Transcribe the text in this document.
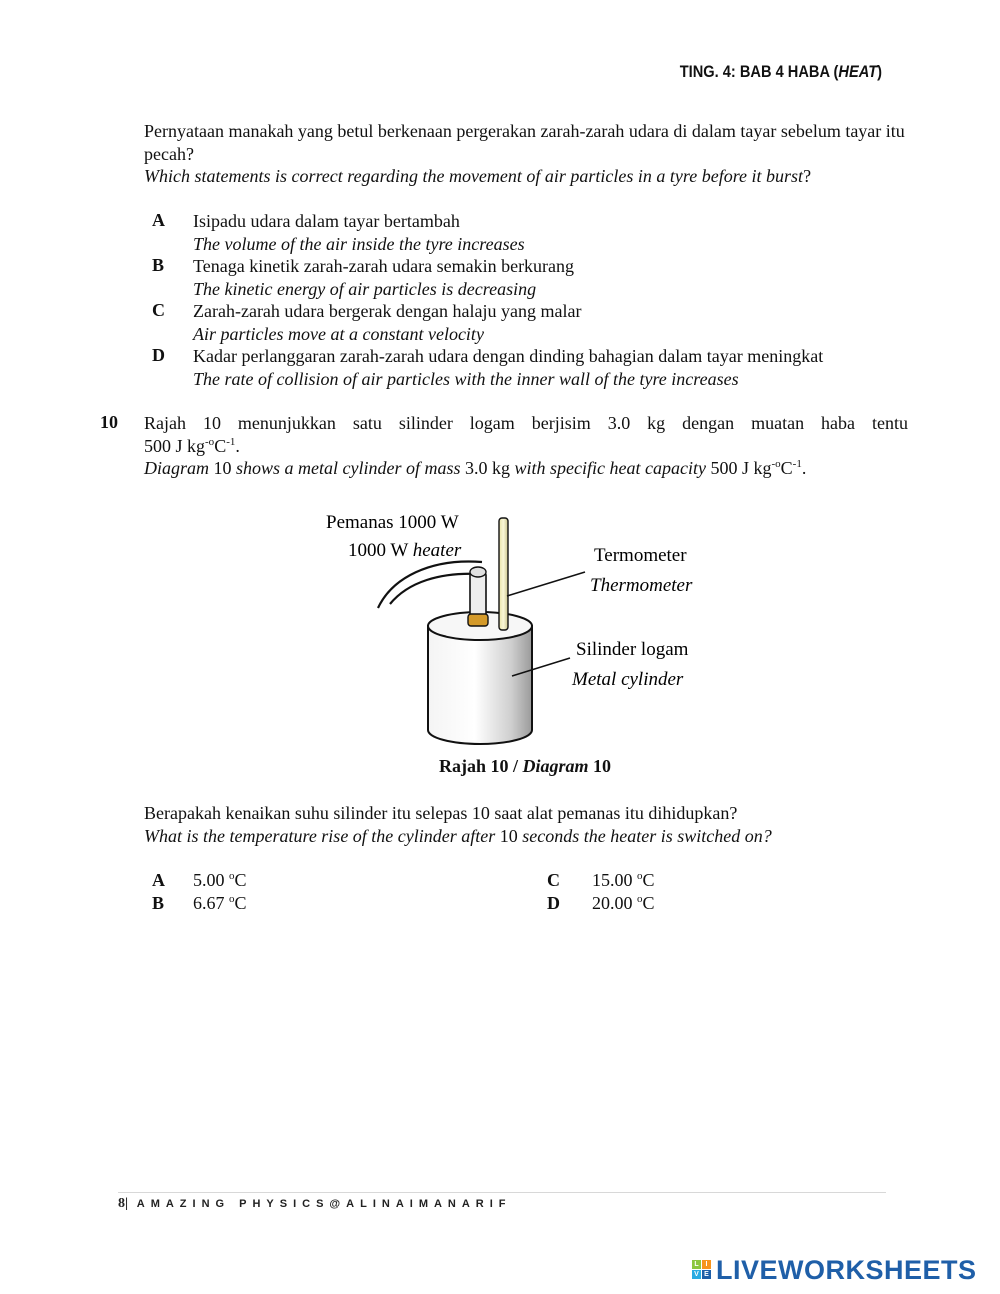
TING. 4: BAB 4 HABA (HEAT)
Pernyataan manakah yang betul berkenaan pergerakan zarah-zarah udara di dalam tayar sebelum tayar itu pecah?
Which statements is correct regarding the movement of air particles in a tyre before it burst?
A Isipadu udara dalam tayar bertambah
The volume of the air inside the tyre increases
B Tenaga kinetik zarah-zarah udara semakin berkurang
The kinetic energy of air particles is decreasing
C Zarah-zarah udara bergerak dengan halaju yang malar
Air particles move at a constant velocity
D Kadar perlanggaran zarah-zarah udara dengan dinding bahagian dalam tayar meningkat
The rate of collision of air particles with the inner wall of the tyre increases
10 Rajah 10 menunjukkan satu silinder logam berjisim 3.0 kg dengan muatan haba tentu
500 J $kg^{-o}C^{-1}$.
Diagram 10 shows a metal cylinder of mass 3.0 kg with specific heat capacity 500 J $kg^{-o}C^{-1}$.
Pemanas 1000 W
1000 W heater	Termometer
Thermometer
Silinder logam
Metal cylinder
Rajah 10 / Diagram 10
Berapakah kenaikan suhu silinder itu selepas 10 saat alat pemanas itu dihidupkan?
What is the temperature rise of the cylinder after 10 seconds the heater is switched on?
A 5.00 $^o$C
B 6.67 $^o$C
C 15.00 $^o$C
D 20.00 $^o$C
8| AMAZING PHYSICS@ALINAIMANARIF
L I
V E LIVEWORKSHEETS
